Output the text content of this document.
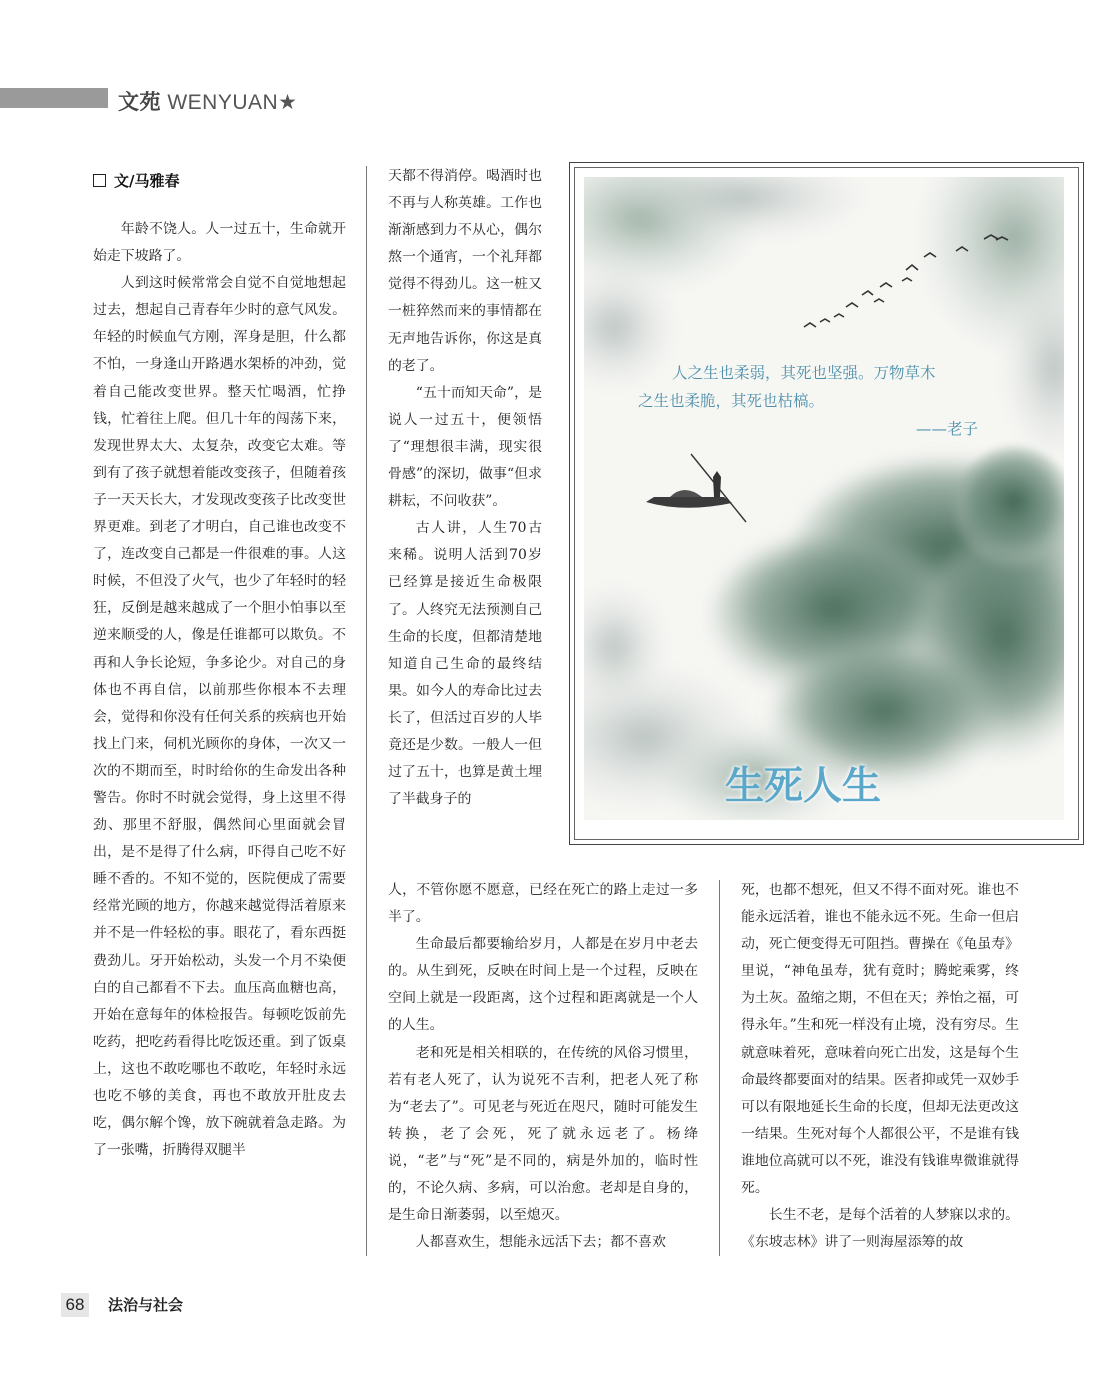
文苑 WENYUAN★
文/马雅春

年龄不饶人。人一过五十，生命就开始走下坡路了。

人到这时候常常会自觉不自觉地想起过去，想起自己青春年少时的意气风发。年轻的时候血气方刚，浑身是胆，什么都不怕，一身逢山开路遇水架桥的冲劲，觉着自己能改变世界。整天忙喝酒，忙挣钱，忙着往上爬。但几十年的闯荡下来，发现世界太大、太复杂，改变它太难。等到有了孩子就想着能改变孩子，但随着孩子一天天长大，才发现改变孩子比改变世界更难。到老了才明白，自己谁也改变不了，连改变自己都是一件很难的事。人这时候，不但没了火气，也少了年轻时的轻狂，反倒是越来越成了一个胆小怕事以至逆来顺受的人，像是任谁都可以欺负。不再和人争长论短，争多论少。对自己的身体也不再自信，以前那些你根本不去理会，觉得和你没有任何关系的疾病也开始找上门来，伺机光顾你的身体，一次又一次的不期而至，时时给你的生命发出各种警告。你时不时就会觉得，身上这里不得劲、那里不舒服，偶然间心里面就会冒出，是不是得了什么病，吓得自己吃不好睡不香的。不知不觉的，医院便成了需要经常光顾的地方，你越来越觉得活着原来并不是一件轻松的事。眼花了，看东西挺费劲儿。牙开始松动，头发一个月不染便白的自己都看不下去。血压高血糖也高，开始在意每年的体检报告。每顿吃饭前先吃药，把吃药看得比吃饭还重。到了饭桌上，这也不敢吃哪也不敢吃，年轻时永远也吃不够的美食，再也不敢放开肚皮去吃，偶尔解个馋，放下碗就着急走路。为了一张嘴，折腾得双腿半

天都不得消停。喝酒时也不再与人称英雄。工作也渐渐感到力不从心，偶尔熬一个通宵，一个礼拜都觉得不得劲儿。这一桩又一桩猝然而来的事情都在无声地告诉你，你这是真的老了。

“五十而知天命”，是说人一过五十，便领悟了“理想很丰满，现实很骨感”的深切，做事“但求耕耘，不问收获”。

古人讲，人生70古来稀。说明人活到70岁已经算是接近生命极限了。人终究无法预测自己生命的长度，但都清楚地知道自己生命的最终结果。如今人的寿命比过去长了，但活过百岁的人毕竟还是少数。一般人一但过了五十，也算是黄土埋了半截身子的

人之生也柔弱，其死也坚强。万物草木
之生也柔脆，其死也枯槁。
——老子
生死人生

人，不管你愿不愿意，已经在死亡的路上走过一多半了。

生命最后都要输给岁月，人都是在岁月中老去的。从生到死，反映在时间上是一个过程，反映在空间上就是一段距离，这个过程和距离就是一个人的人生。

老和死是相关相联的，在传统的风俗习惯里，若有老人死了，认为说死不吉利，把老人死了称为“老去了”。可见老与死近在咫尺，随时可能发生转换，老了会死，死了就永远老了。杨绛说，“老”与“死”是不同的，病是外加的，临时性的，不论久病、多病，可以治愈。老却是自身的，是生命日渐萎弱，以至熄灭。

人都喜欢生，想能永远活下去；都不喜欢

死，也都不想死，但又不得不面对死。谁也不能永远活着，谁也不能永远不死。生命一但启动，死亡便变得无可阻挡。曹操在《龟虽寿》里说，“神龟虽寿，犹有竟时；腾蛇乘雾，终为土灰。盈缩之期，不但在天；养怡之福，可得永年。”生和死一样没有止境，没有穷尽。生就意味着死，意味着向死亡出发，这是每个生命最终都要面对的结果。医者抑或凭一双妙手可以有限地延长生命的长度，但却无法更改这一结果。生死对每个人都很公平，不是谁有钱谁地位高就可以不死，谁没有钱谁卑微谁就得死。

长生不老，是每个活着的人梦寐以求的。《东坡志林》讲了一则海屋添筹的故

68	法治与社会
